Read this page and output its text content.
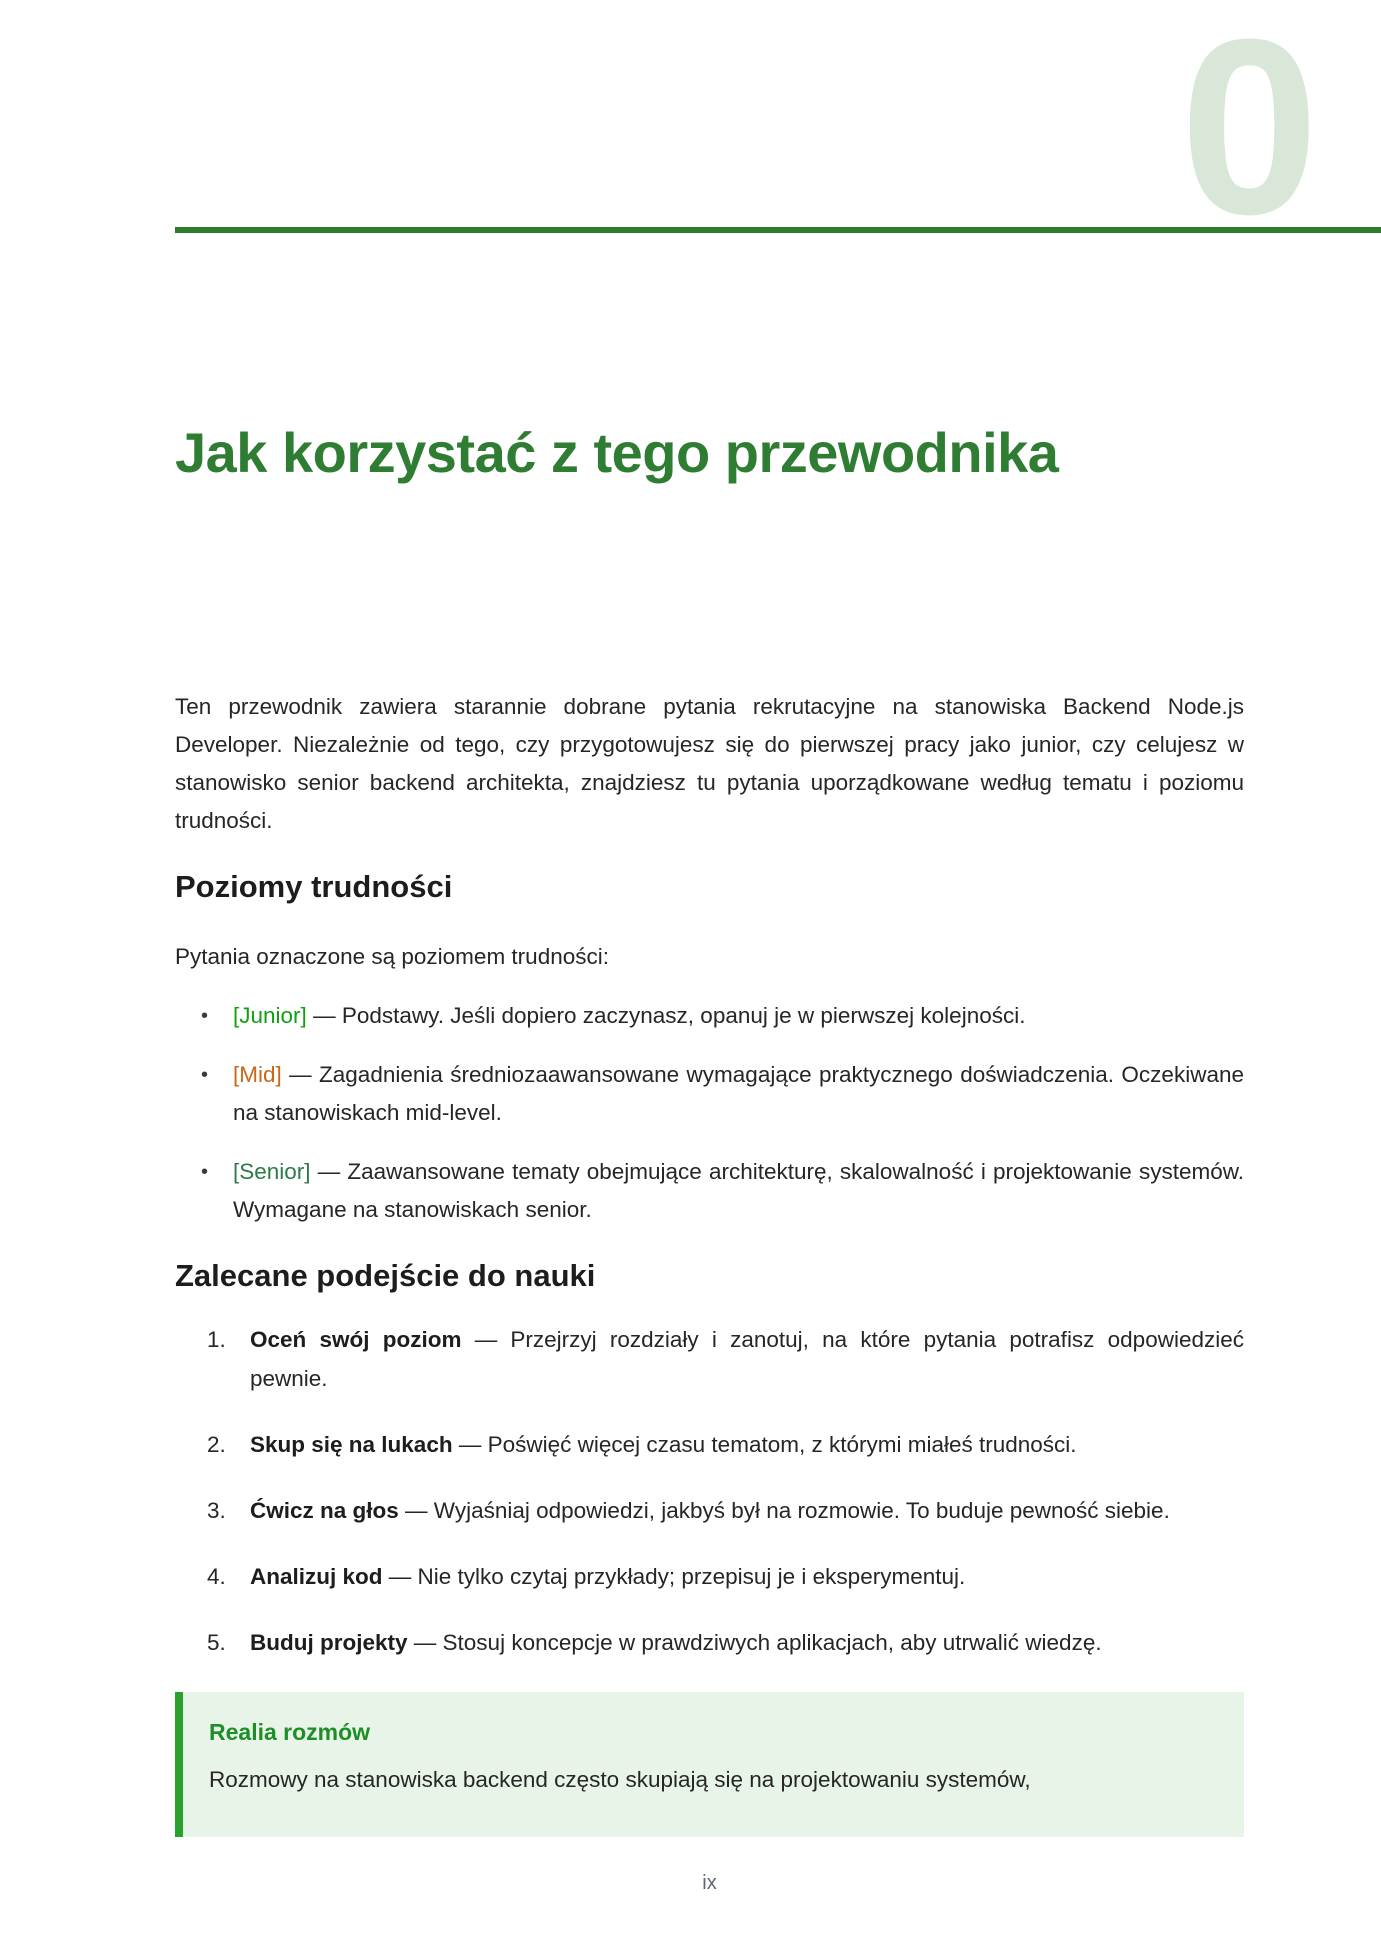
0
Jak korzystać z tego przewodnika

Ten przewodnik zawiera starannie dobrane pytania rekrutacyjne na stanowiska Backend Node.js Developer. Niezależnie od tego, czy przygotowujesz się do pierwszej pracy jako junior, czy celujesz w stanowisko senior backend architekta, znajdziesz tu pytania uporządkowane według tematu i poziomu trudności.

Poziomy trudności

Pytania oznaczone są poziomem trudności:

• [Junior] — Podstawy. Jeśli dopiero zaczynasz, opanuj je w pierwszej kolejności.
• [Mid] — Zagadnienia średniozaawansowane wymagające praktycznego doświadczenia. Oczekiwane na stanowiskach mid-level.
• [Senior] — Zaawansowane tematy obejmujące architekturę, skalowalność i projektowanie systemów. Wymagane na stanowiskach senior.
Zalecane podejście do nauki
1. Oceń swój poziom — Przejrzyj rozdziały i zanotuj, na które pytania potrafisz odpowiedzieć pewnie.
2. Skup się na lukach — Poświęć więcej czasu tematom, z którymi miałeś trudności.
3. Ćwicz na głos — Wyjaśniaj odpowiedzi, jakbyś był na rozmowie. To buduje pewność siebie.
4. Analizuj kod — Nie tylko czytaj przykłady; przepisuj je i eksperymentuj.
5. Buduj projekty — Stosuj koncepcje w prawdziwych aplikacjach, aby utrwalić wiedzę.
Realia rozmów
Rozmowy na stanowiska backend często skupiają się na projektowaniu systemów,
ix
